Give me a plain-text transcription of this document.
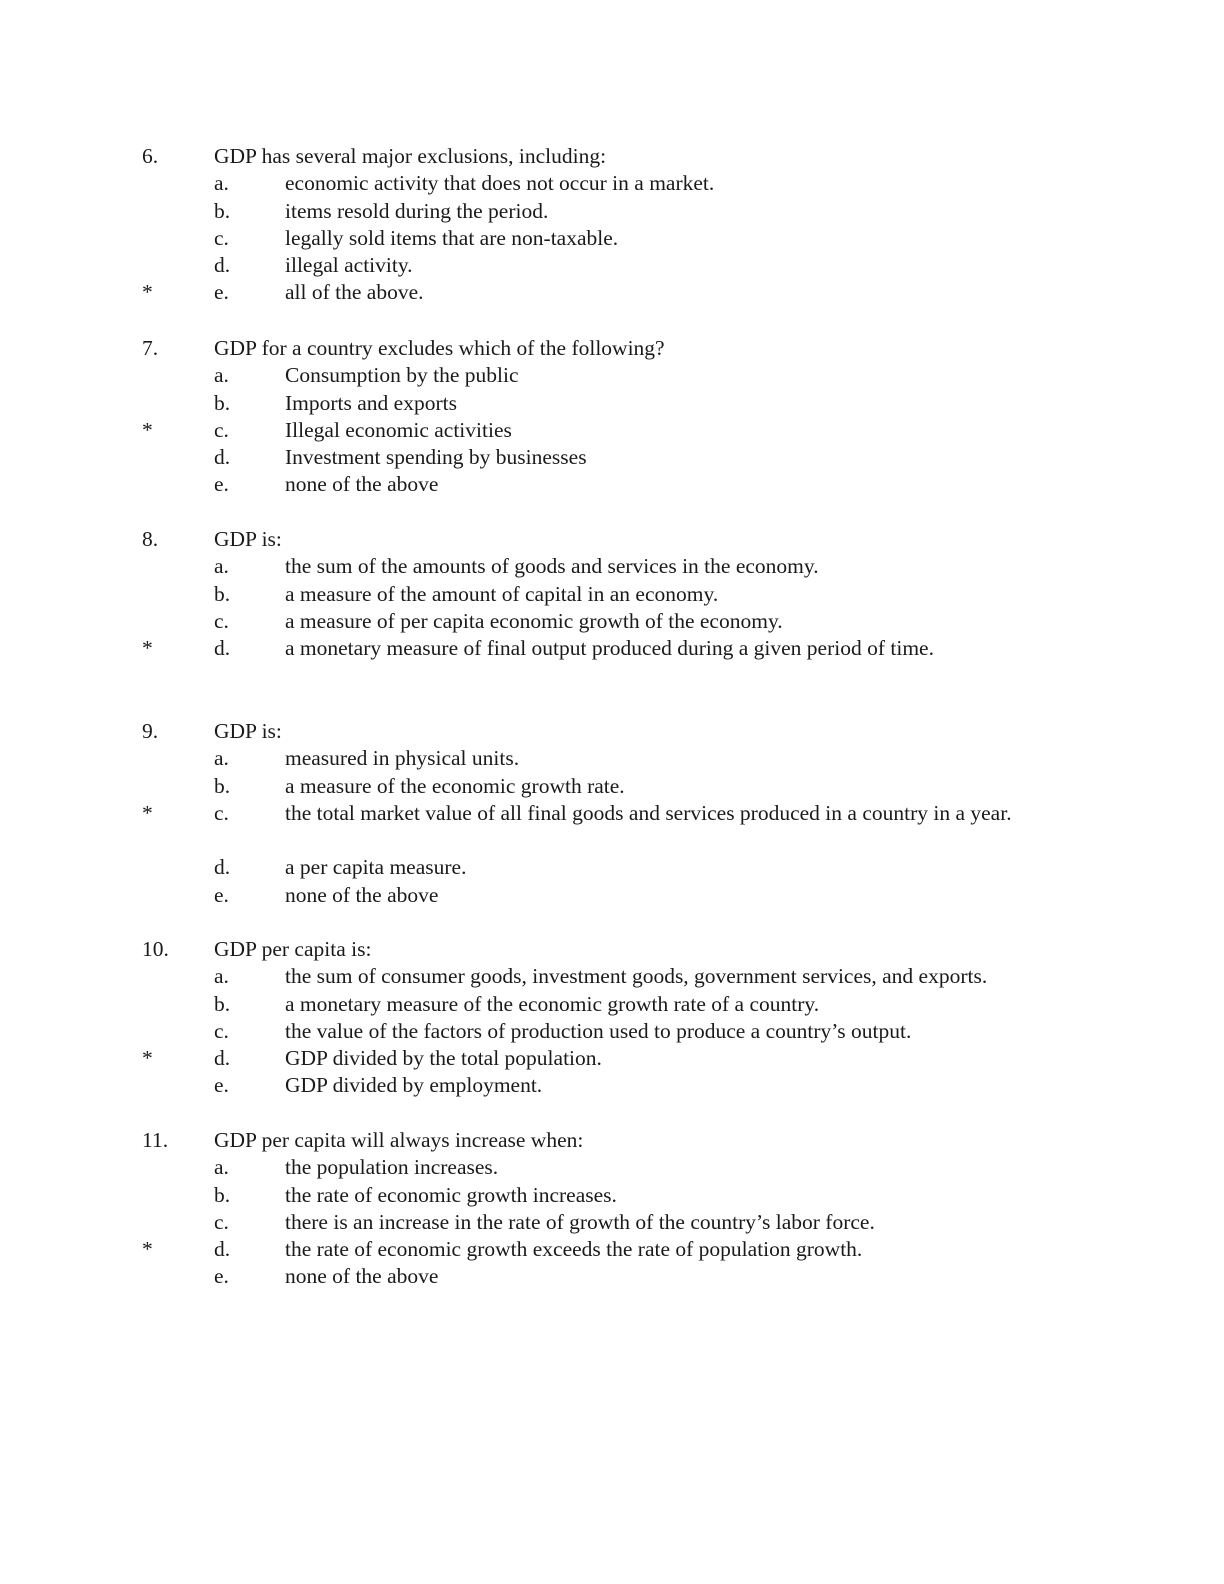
6.	GDP has several major exclusions, including:
a.	economic activity that does not occur in a market.
b.	items resold during the period.
c.	legally sold items that are non-taxable.
d.	illegal activity.
*	e.	all of the above.
7.	GDP for a country excludes which of the following?
a.	Consumption by the public
b.	Imports and exports
*	c.	Illegal economic activities
d.	Investment spending by businesses
e.	none of the above
8.	GDP is:
a.	the sum of the amounts of goods and services in the economy.
b.	a measure of the amount of capital in an economy.
c.	a measure of per capita economic growth of the economy.
*	d.	a monetary measure of final output produced during a given period of time.
9.	GDP is:
a.	measured in physical units.
b.	a measure of the economic growth rate.
*	c.	the total market value of all final goods and services produced in a country in a year.
d.	a per capita measure.
e.	none of the above
10. GDP per capita is:
a.	the sum of consumer goods, investment goods, government services, and exports.
b.	a monetary measure of the economic growth rate of a country.
c.	the value of the factors of production used to produce a country’s output.
*	d.	GDP divided by the total population.
e.	GDP divided by employment.
11. GDP per capita will always increase when:
a.	the population increases.
b.	the rate of economic growth increases.
c.	there is an increase in the rate of growth of the country’s labor force.
*	d.	the rate of economic growth exceeds the rate of population growth.
e.	none of the above
